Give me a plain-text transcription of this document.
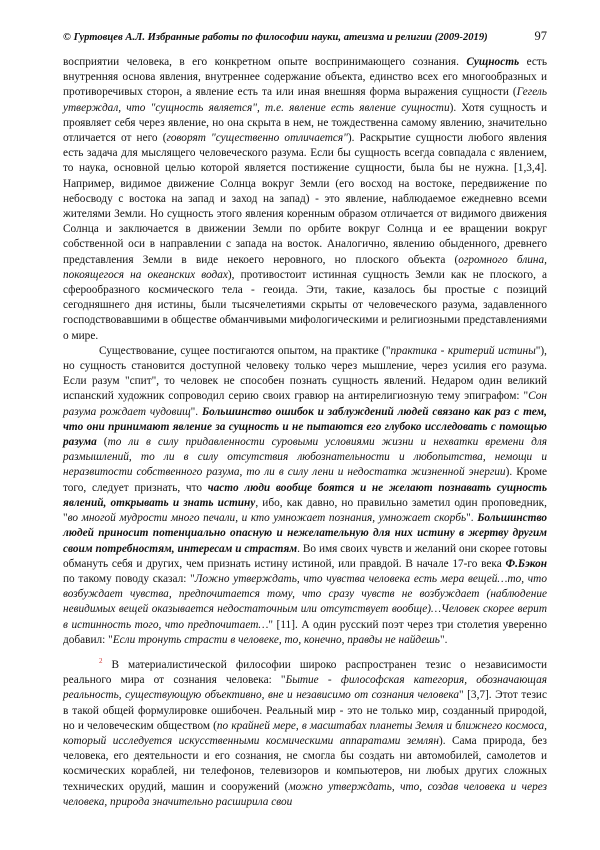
© Гуртовцев А.Л. Избранные работы по философии науки, атеизма и религии (2009-2019)	97

восприятии человека, в его конкретном опыте воспринимающего сознания. Сущность есть внутренняя основа явления, внутреннее содержание объекта, единство всех его многообразных и противоречивых сторон, а явление есть та или иная внешняя форма выражения сущности (Гегель утверждал, что "сущность является", т.е. явление есть явление сущности). Хотя сущность и проявляет себя через явление, но она скрыта в нем, не тождественна самому явлению, значительно отличается от него (говорят "существенно отличается"). Раскрытие сущности любого явления есть задача для мыслящего человеческого разума. Если бы сущность всегда совпадала с явлением, то наука, основной целью которой является постижение сущности, была бы не нужна. [1,3,4]. Например, видимое движение Солнца вокруг Земли (его восход на востоке, передвижение по небосводу с востока на запад и заход на запад) - это явление, наблюдаемое ежедневно всеми жителями Земли. Но сущность этого явления коренным образом отличается от видимого движения Солнца и заключается в движении Земли по орбите вокруг Солнца и ее вращении вокруг собственной оси в направлении с запада на восток. Аналогично, явлению обыденного, древнего представления Земли в виде некоего неровного, но плоского объекта (огромного блина, покоящегося на океанских водах), противостоит истинная сущность Земли как не плоского, а сферообразного космического тела - геоида. Эти, такие, казалось бы простые с позиций сегодняшнего дня истины, были тысячелетиями скрыты от человеческого разума, задавленного господствовавшими в обществе обманчивыми мифологическими и религиозными представлениями о мире.

Существование, сущее постигаются опытом, на практике ("практика - критерий истины"), но сущность становится доступной человеку только через мышление, через усилия его разума. Если разум "спит", то человек не способен познать сущность явлений. Недаром один великий испанский художник сопроводил серию своих гравюр на антирелигиозную тему эпиграфом: "Сон разума рождает чудовищ". Большинство ошибок и заблуждений людей связано как раз с тем, что они принимают явление за сущность и не пытаются его глубоко исследовать с помощью разума (то ли в силу придавленности суровыми условиями жизни и нехватки времени для размышлений, то ли в силу отсутствия любознательности и любопытства, немощи и неразвитости собственного разума, то ли в силу лени и недостатка жизненной энергии). Кроме того, следует признать, что часто люди вообще боятся и не желают познавать сущность явлений, открывать и знать истину, ибо, как давно, но правильно заметил один проповедник, "во многой мудрости много печали, и кто умножает познания, умножает скорбь". Большинство людей приносит потенциально опасную и нежелательную для них истину в жертву другим своим потребностям, интересам и страстям. Во имя своих чувств и желаний они скорее готовы обмануть себя и других, чем признать истину истиной, или правдой. В начале 17-го века Ф.Бэкон по такому поводу сказал: "Ложно утверждать, что чувства человека есть мера вещей…то, что возбуждает чувства, предпочитается тому, что сразу чувств не возбуждает (наблюдение невидимых вещей оказывается недостаточным или отсутствует вообще)…Человек скорее верит в истинность того, что предпочитает…" [11]. А один русский поэт через три столетия уверенно добавил: "Если тронуть страсти в человеке, то, конечно, правды не найдешь".

$^2$ В материалистической философии широко распространен тезис о независимости реального мира от сознания человека: "Бытие - философская категория, обозначающая реальность, существующую объективно, вне и независимо от сознания человека" [3,7]. Этот тезис в такой общей формулировке ошибочен. Реальный мир - это не только мир, созданный природой, но и человеческим обществом (по крайней мере, в масштабах планеты Земля и ближнего космоса, который исследуется искусственными космическими аппаратами землян). Сама природа, без человека, его деятельности и его сознания, не смогла бы создать ни автомобилей, самолетов и космических кораблей, ни телефонов, телевизоров и компьютеров, ни любых других сложных технических орудий, машин и сооружений (можно утверждать, что, создав человека и через человека, природа значительно расширила свои
